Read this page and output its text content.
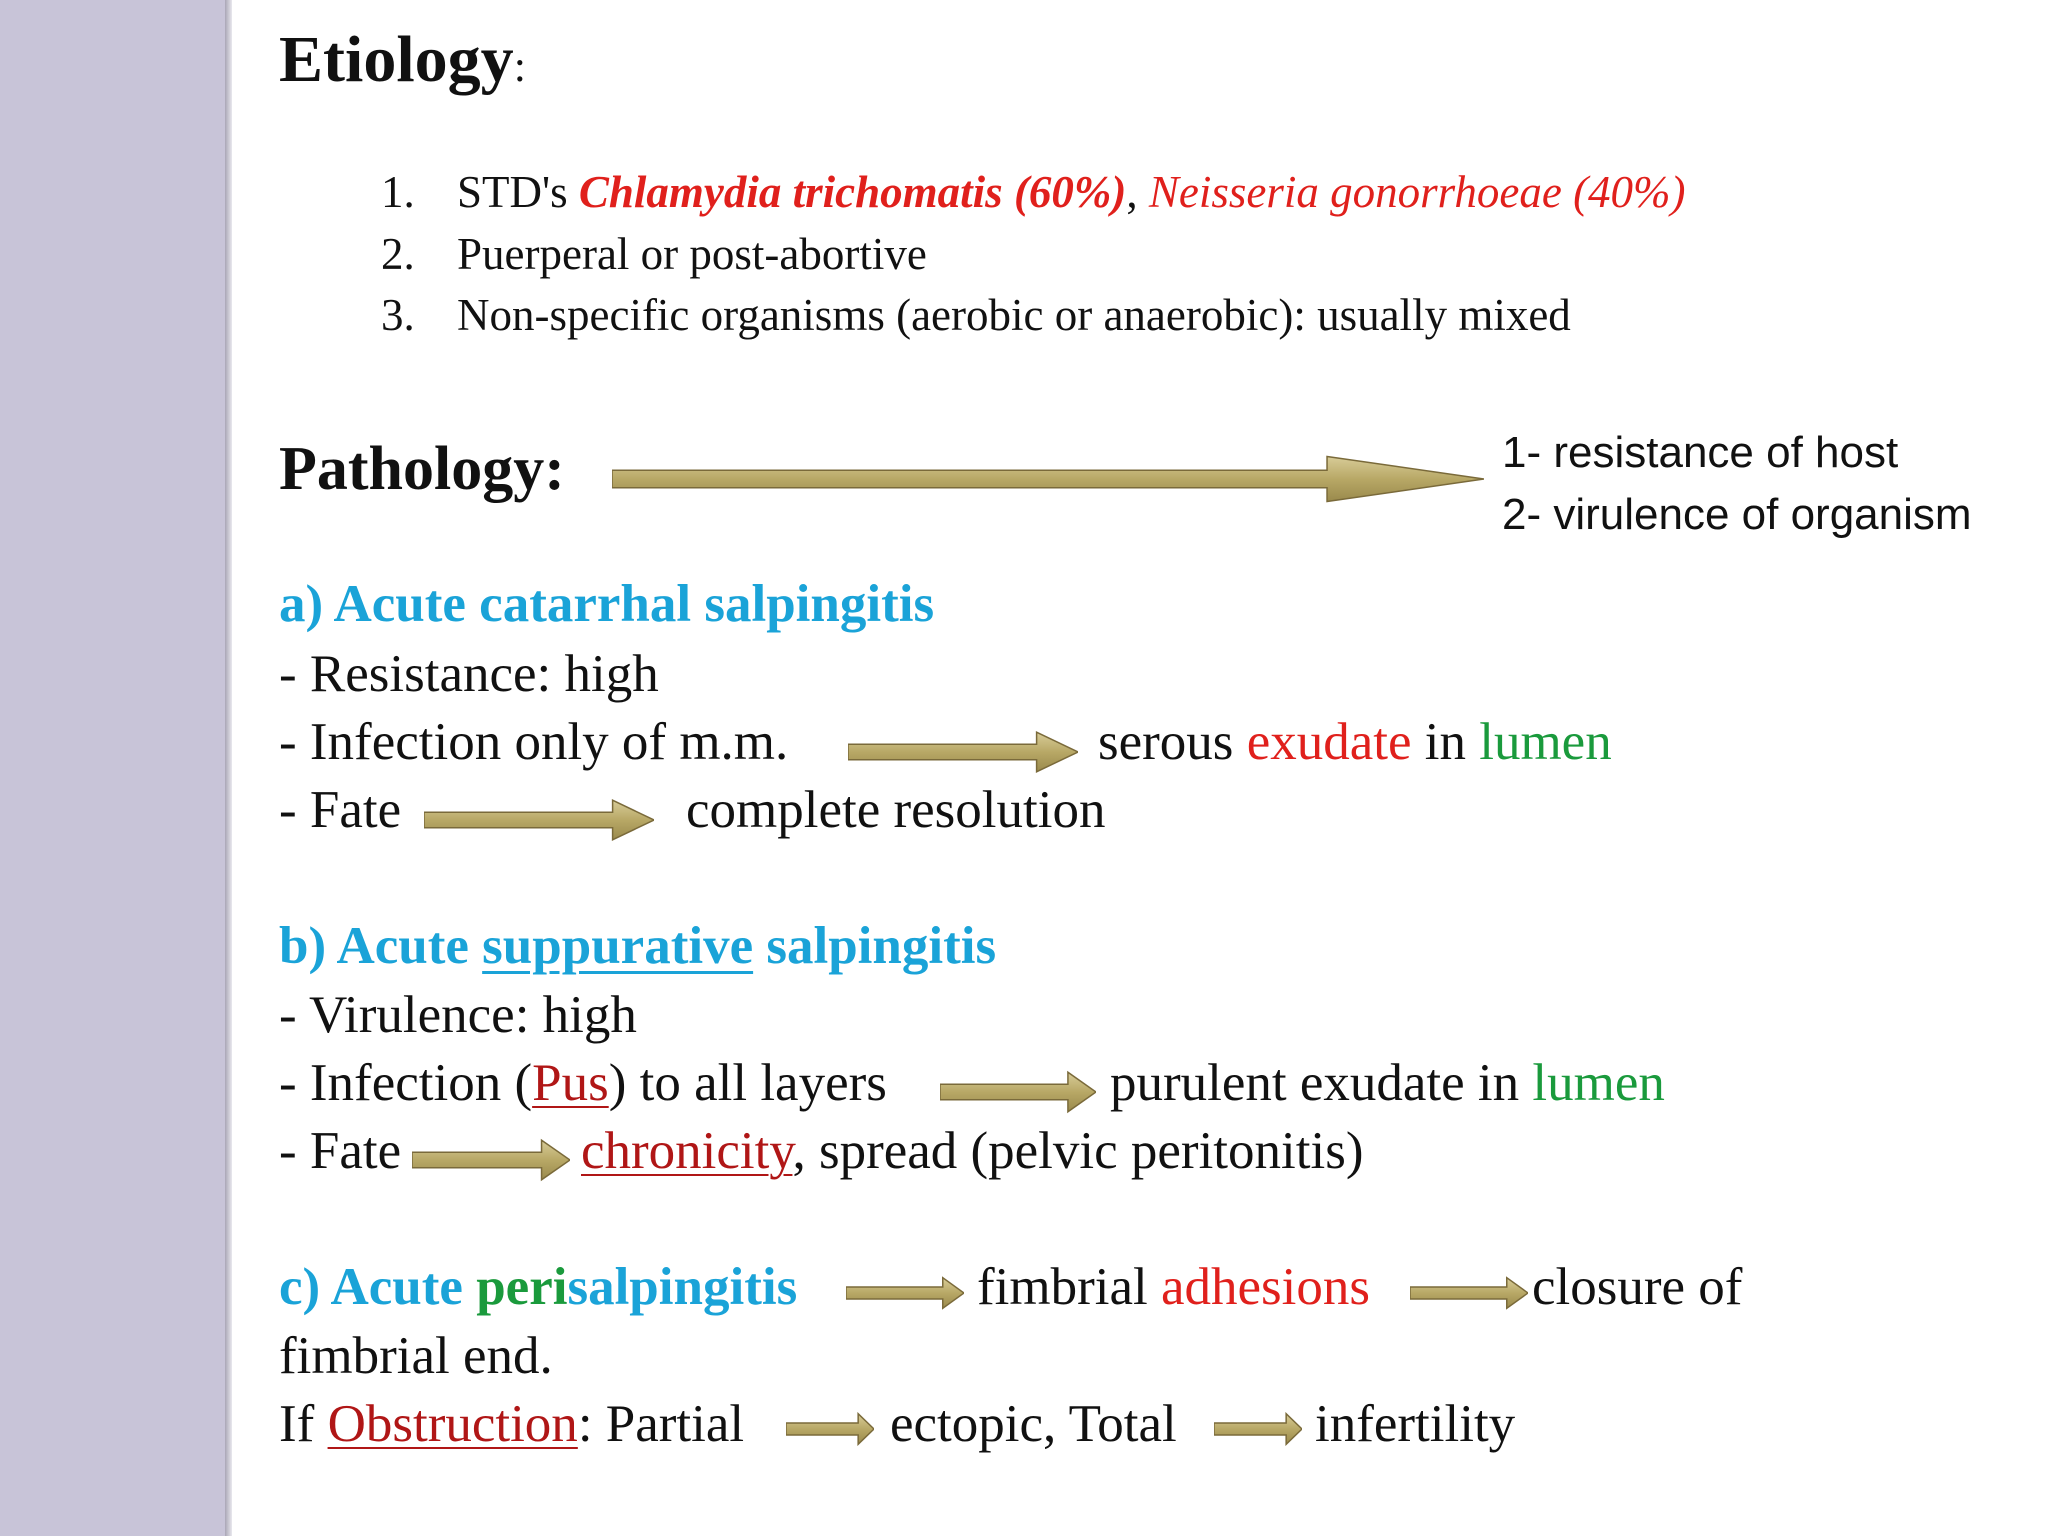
Etiology:
1. STD's Chlamydia trichomatis (60%), Neisseria gonorrhoeae (40%)
2. Puerperal or post-abortive
3. Non-specific organisms (aerobic or anaerobic): usually mixed
Pathology:	1- resistance of host
2- virulence of organism
a) Acute catarrhal salpingitis
- Resistance: high
- Infection only of m.m.	serous exudate in lumen
- Fate	complete resolution
b) Acute suppurative salpingitis
- Virulence: high
- Infection (Pus) to all layers	purulent exudate in lumen
- Fate	chronicity, spread (pelvic peritonitis)
c) Acute perisalpingitis	fimbrial adhesions	closure of
fimbrial end.
If Obstruction: Partial	ectopic, Total	infertility
